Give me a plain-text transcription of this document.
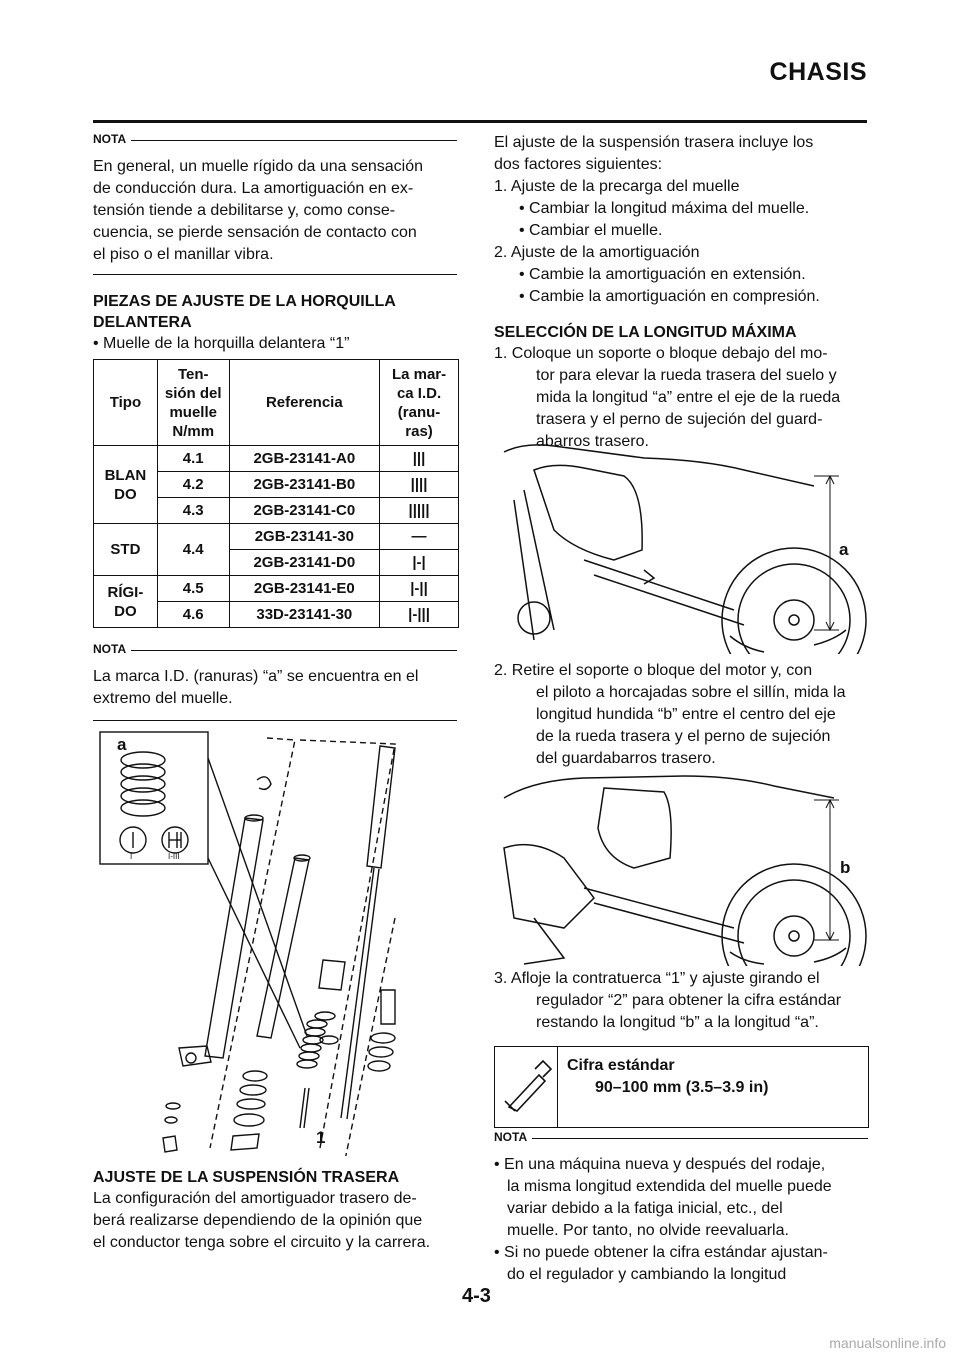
CHASIS
NOTA
En general, un muelle rígido da una sensación
de conducción dura. La amortiguación en ex-
tensión tiende a debilitarse y, como conse-
cuencia, se pierde sensación de contacto con
el piso o el manillar vibra.
PIEZAS DE AJUSTE DE LA HORQUILLA
DELANTERA
• Muelle de la horquilla delantera “1”
Tipo	Ten-
sión del
muelle
N/mm	Referencia	La mar-
ca I.D.
(ranu-
ras)
BLAN
DO	4.1	2GB-23141-A0	|||
	4.2	2GB-23141-B0	||||
	4.3	2GB-23141-C0	|||||
STD	4.4	2GB-23141-30	—
		2GB-23141-D0	|-|
RÍGI-
DO	4.5	2GB-23141-E0	|-||
	4.6	33D-23141-30	|-|||
NOTA
La marca I.D. (ranuras) “a” se encuentra en el
extremo del muelle.
a
1
I	I-III
AJUSTE DE LA SUSPENSIÓN TRASERA
La configuración del amortiguador trasero de-
berá realizarse dependiendo de la opinión que
el conductor tenga sobre el circuito y la carrera.
El ajuste de la suspensión trasera incluye los
dos factores siguientes:
1. Ajuste de la precarga del muelle
• Cambiar la longitud máxima del muelle.
• Cambiar el muelle.
2. Ajuste de la amortiguación
• Cambie la amortiguación en extensión.
• Cambie la amortiguación en compresión.
SELECCIÓN DE LA LONGITUD MÁXIMA
1. Coloque un soporte o bloque debajo del mo-
tor para elevar la rueda trasera del suelo y
mida la longitud “a” entre el eje de la rueda
trasera y el perno de sujeción del guard-
abarros trasero.
a
2. Retire el soporte o bloque del motor y, con
el piloto a horcajadas sobre el sillín, mida la
longitud hundida “b” entre el centro del eje
de la rueda trasera y el perno de sujeción
del guardabarros trasero.
b
3. Afloje la contratuerca “1” y ajuste girando el
regulador “2” para obtener la cifra estándar
restando la longitud “b” a la longitud “a”.
Cifra estándar
90–100 mm (3.5–3.9 in)
NOTA
• En una máquina nueva y después del rodaje,
la misma longitud extendida del muelle puede
variar debido a la fatiga inicial, etc., del
muelle. Por tanto, no olvide reevaluarla.
• Si no puede obtener la cifra estándar ajustan-
do el regulador y cambiando la longitud
4-3
manualsonline.info
